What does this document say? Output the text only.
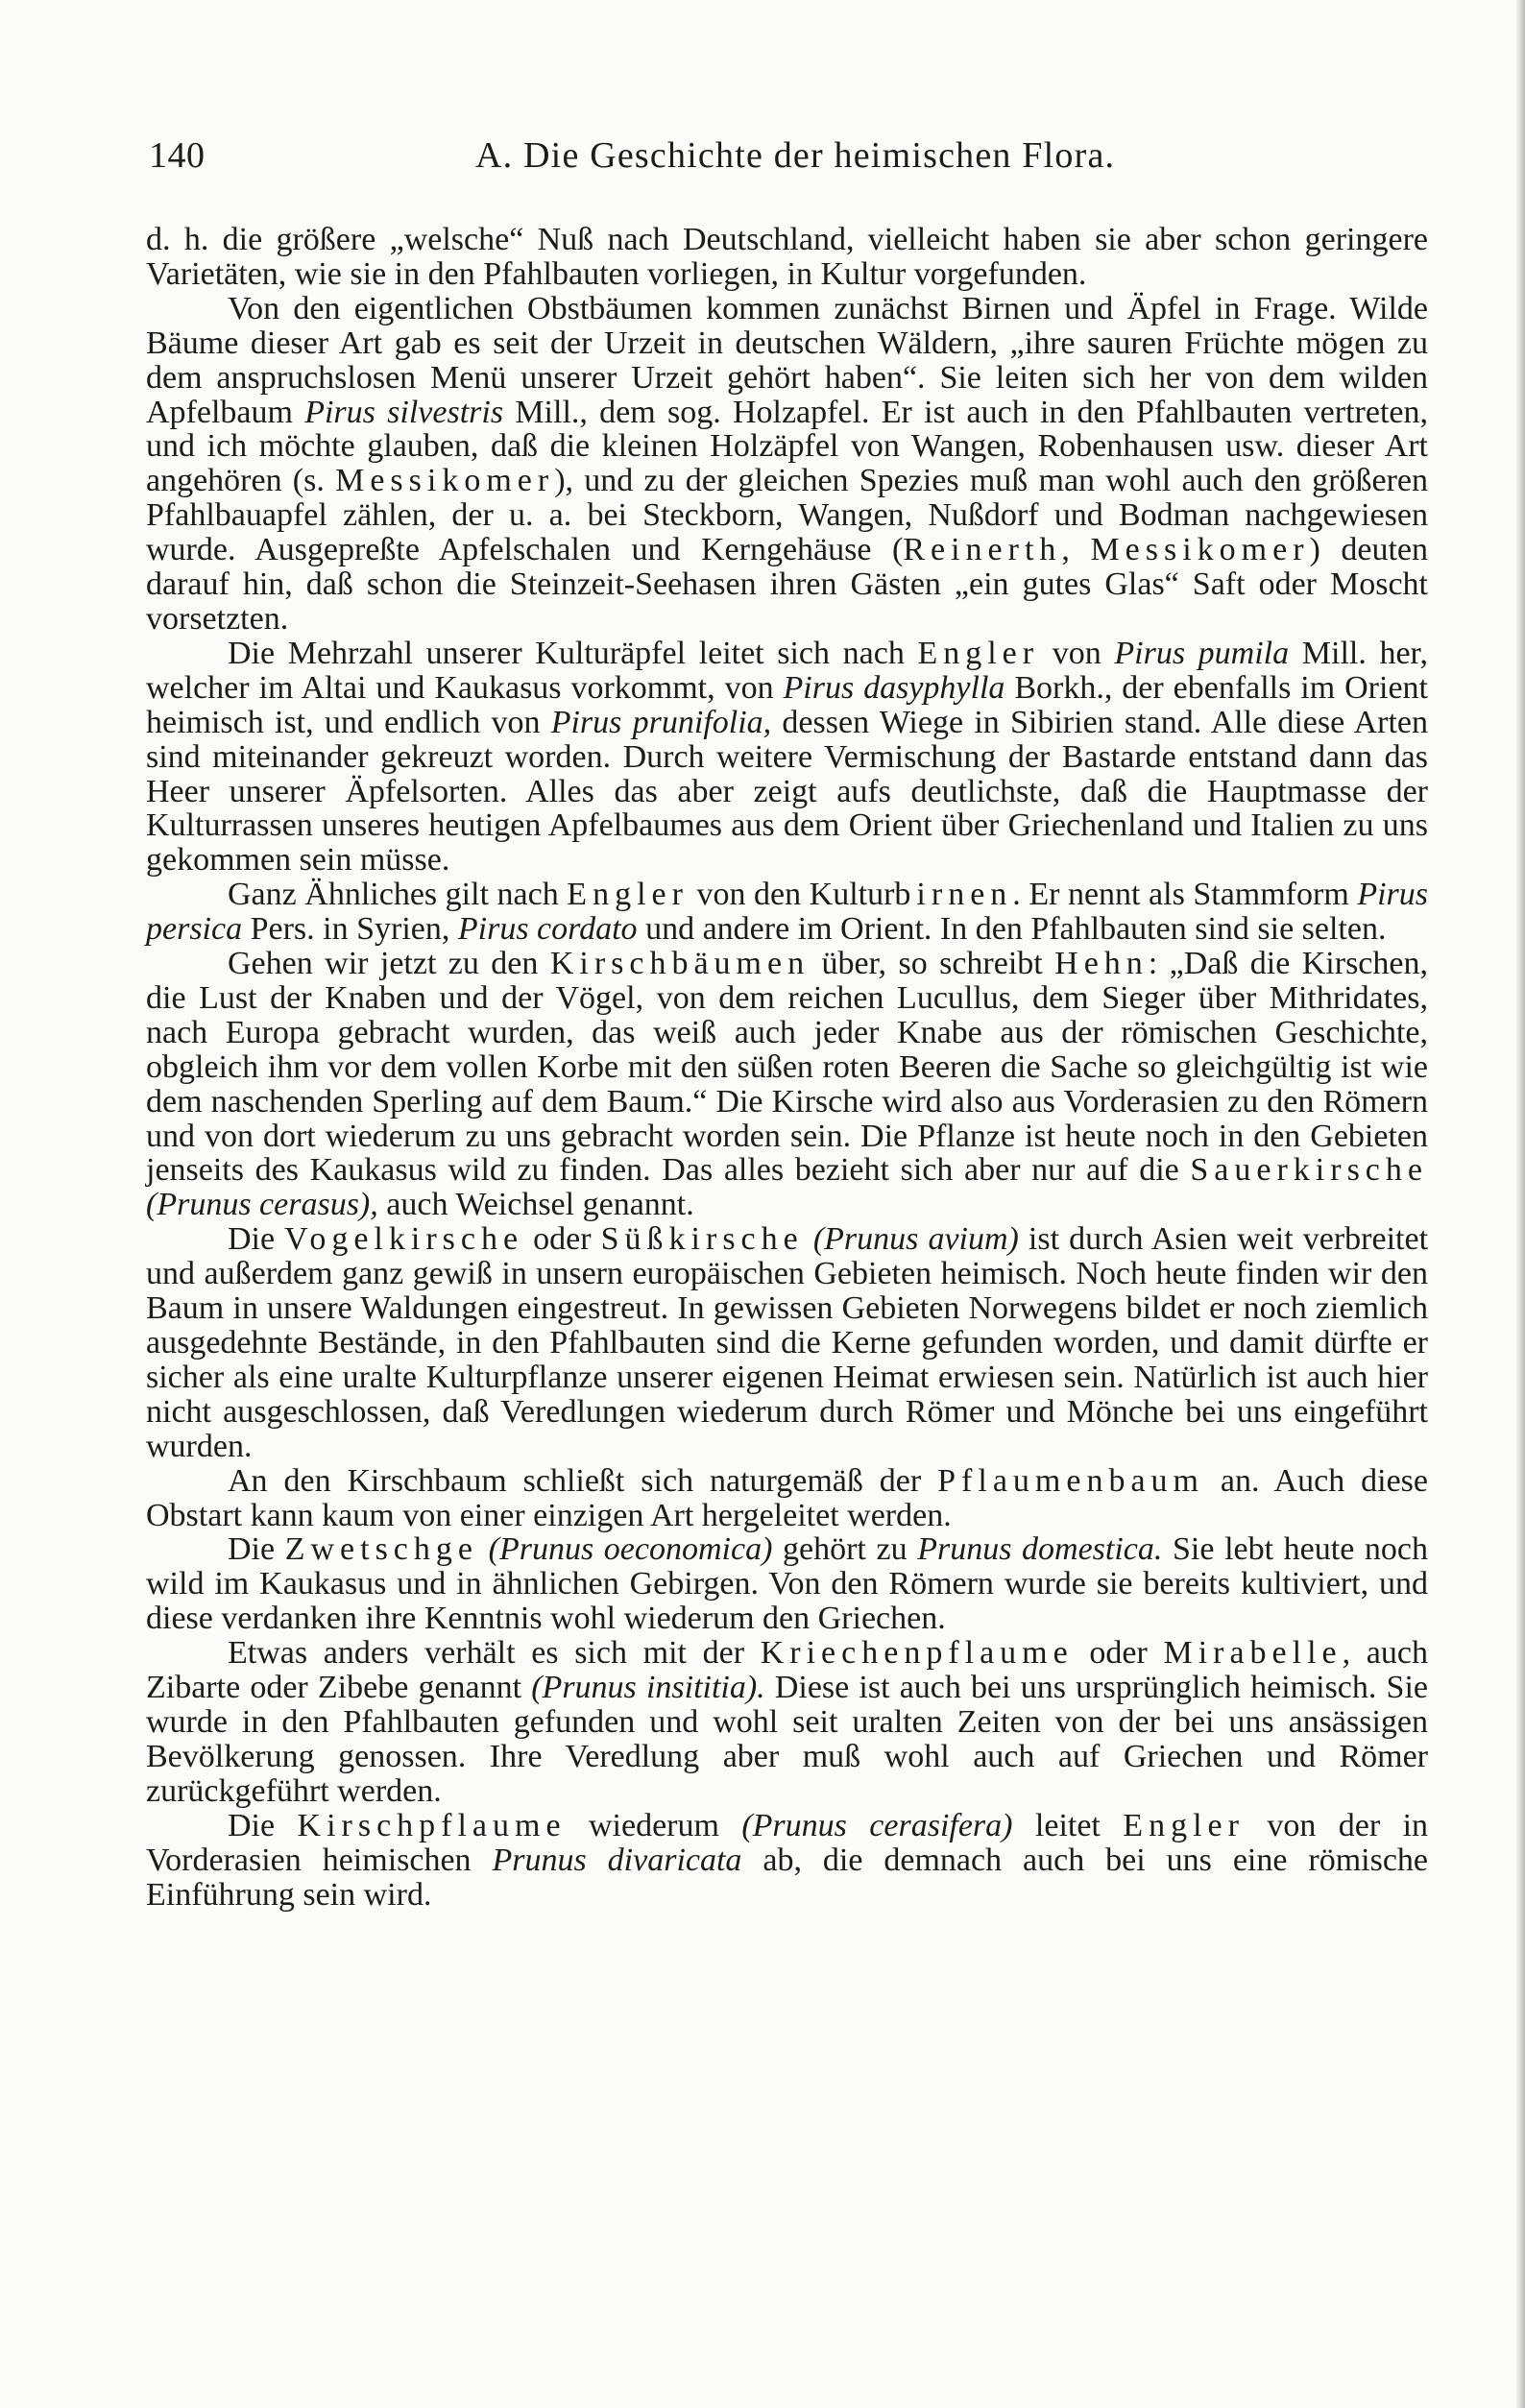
140	A. Die Geschichte der heimischen Flora.

d. h. die größere „welsche“ Nuß nach Deutschland, vielleicht haben sie aber schon geringere Varietäten, wie sie in den Pfahlbauten vorliegen, in Kultur vorgefunden.

Von den eigentlichen Obstbäumen kommen zunächst Birnen und Äpfel in Frage. Wilde Bäume dieser Art gab es seit der Urzeit in deutschen Wäldern, „ihre sauren Früchte mögen zu dem anspruchslosen Menü unserer Urzeit gehört haben“. Sie leiten sich her von dem wilden Apfelbaum Pirus silvestris Mill., dem sog. Holzapfel. Er ist auch in den Pfahlbauten vertreten, und ich möchte glauben, daß die kleinen Holzäpfel von Wangen, Robenhausen usw. dieser Art angehören (s. Messikomer), und zu der gleichen Spezies muß man wohl auch den größeren Pfahlbauapfel zählen, der u. a. bei Steckborn, Wangen, Nußdorf und Bodman nachgewiesen wurde. Ausgepreßte Apfelschalen und Kerngehäuse (Reinerth, Messikomer) deuten darauf hin, daß schon die Steinzeit-Seehasen ihren Gästen „ein gutes Glas“ Saft oder Moscht vorsetzten.

Die Mehrzahl unserer Kulturäpfel leitet sich nach Engler von Pirus pumila Mill. her, welcher im Altai und Kaukasus vorkommt, von Pirus dasyphylla Borkh., der ebenfalls im Orient heimisch ist, und endlich von Pirus prunifolia, dessen Wiege in Sibirien stand. Alle diese Arten sind miteinander gekreuzt worden. Durch weitere Vermischung der Bastarde entstand dann das Heer unserer Äpfelsorten. Alles das aber zeigt aufs deutlichste, daß die Hauptmasse der Kulturrassen unseres heutigen Apfelbaumes aus dem Orient über Griechenland und Italien zu uns gekommen sein müsse.

Ganz Ähnliches gilt nach Engler von den Kulturbirnen. Er nennt als Stammform Pirus persica Pers. in Syrien, Pirus cordato und andere im Orient. In den Pfahlbauten sind sie selten.

Gehen wir jetzt zu den Kirschbäumen über, so schreibt Hehn: „Daß die Kirschen, die Lust der Knaben und der Vögel, von dem reichen Lucullus, dem Sieger über Mithridates, nach Europa gebracht wurden, das weiß auch jeder Knabe aus der römischen Geschichte, obgleich ihm vor dem vollen Korbe mit den süßen roten Beeren die Sache so gleichgültig ist wie dem naschenden Sperling auf dem Baum.“ Die Kirsche wird also aus Vorderasien zu den Römern und von dort wiederum zu uns gebracht worden sein. Die Pflanze ist heute noch in den Gebieten jenseits des Kaukasus wild zu finden. Das alles bezieht sich aber nur auf die Sauerkirsche (Prunus cerasus), auch Weichsel genannt.

Die Vogelkirsche oder Süßkirsche (Prunus avium) ist durch Asien weit verbreitet und außerdem ganz gewiß in unsern europäischen Gebieten heimisch. Noch heute finden wir den Baum in unsere Waldungen eingestreut. In gewissen Gebieten Norwegens bildet er noch ziemlich ausgedehnte Bestände, in den Pfahlbauten sind die Kerne gefunden worden, und damit dürfte er sicher als eine uralte Kulturpflanze unserer eigenen Heimat erwiesen sein. Natürlich ist auch hier nicht ausgeschlossen, daß Veredlungen wiederum durch Römer und Mönche bei uns eingeführt wurden.

An den Kirschbaum schließt sich naturgemäß der Pflaumenbaum an. Auch diese Obstart kann kaum von einer einzigen Art hergeleitet werden.

Die Zwetschge (Prunus oeconomica) gehört zu Prunus domestica. Sie lebt heute noch wild im Kaukasus und in ähnlichen Gebirgen. Von den Römern wurde sie bereits kultiviert, und diese verdanken ihre Kenntnis wohl wiederum den Griechen.

Etwas anders verhält es sich mit der Kriechenpflaume oder Mirabelle, auch Zibarte oder Zibebe genannt (Prunus insititia). Diese ist auch bei uns ursprünglich heimisch. Sie wurde in den Pfahlbauten gefunden und wohl seit uralten Zeiten von der bei uns ansässigen Bevölkerung genossen. Ihre Veredlung aber muß wohl auch auf Griechen und Römer zurückgeführt werden.

Die Kirschpflaume wiederum (Prunus cerasifera) leitet Engler von der in Vorderasien heimischen Prunus divaricata ab, die demnach auch bei uns eine römische Einführung sein wird.
